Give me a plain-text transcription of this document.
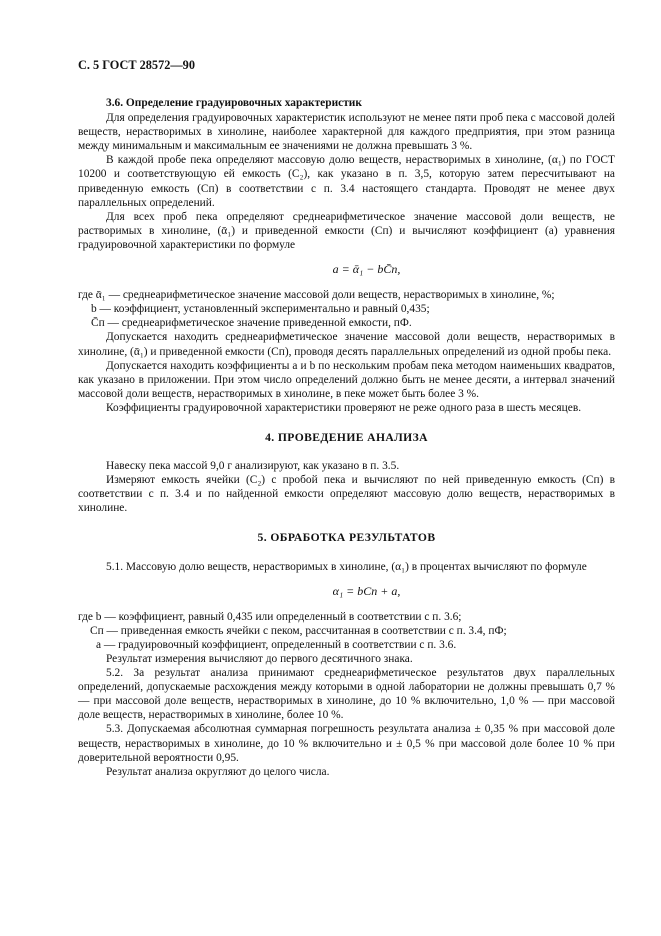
С. 5 ГОСТ 28572—90
3.6. Определение градуировочных характеристик

Для определения градуировочных характеристик используют не менее пяти проб пека с массовой долей веществ, нерастворимых в хинолине, наиболее характерной для каждого предприятия, при этом разница между минимальным и максимальным ее значениями не должна превышать 3 %.

В каждой пробе пека определяют массовую долю веществ, нерастворимых в хинолине, (α₁) по ГОСТ 10200 и соответствующую ей емкость (C₂), как указано в п. 3,5, которую затем пересчитывают на приведенную емкость (Cп) в соответствии с п. 3.4 настоящего стандарта. Проводят не менее двух параллельных определений.

Для всех проб пека определяют среднеарифметическое значение массовой доли веществ, не растворимых в хинолине, (ᾱ₁) и приведенной емкости (Cп) и вычисляют коэффициент (a) уравнения градуировочной характеристики по формуле

a = ᾱ₁ − bC̄п,

где ᾱ₁ — среднеарифметическое значение массовой доли веществ, нерастворимых в хинолине, %;

b — коэффициент, установленный экспериментально и равный 0,435;

C̄п — среднеарифметическое значение приведенной емкости, пФ.

Допускается находить среднеарифметическое значение массовой доли веществ, нерастворимых в хинолине, (ᾱ₁) и приведенной емкости (Cп), проводя десять параллельных определений из одной пробы пека.

Допускается находить коэффициенты a и b по нескольким пробам пека методом наименьших квадратов, как указано в приложении. При этом число определений должно быть не менее десяти, а интервал значений массовой доли веществ, нерастворимых в хинолине, в пеке может быть более 3 %.

Коэффициенты градуировочной характеристики проверяют не реже одного раза в шесть месяцев.

4. ПРОВЕДЕНИЕ АНАЛИЗА

Навеску пека массой 9,0 г анализируют, как указано в п. 3.5.

Измеряют емкость ячейки (C₂) с пробой пека и вычисляют по ней приведенную емкость (Cп) в соответствии с п. 3.4 и по найденной емкости определяют массовую долю веществ, нерастворимых в хинолине.

5. ОБРАБОТКА РЕЗУЛЬТАТОВ

5.1. Массовую долю веществ, нерастворимых в хинолине, (α₁) в процентах вычисляют по формуле

α₁ = bCп + a,

где b — коэффициент, равный 0,435 или определенный в соответствии с п. 3.6;

Cп — приведенная емкость ячейки с пеком, рассчитанная в соответствии с п. 3.4, пФ;

a — градуировочный коэффициент, определенный в соответствии с п. 3.6.

Результат измерения вычисляют до первого десятичного знака.

5.2. За результат анализа принимают среднеарифметическое результатов двух параллельных определений, допускаемые расхождения между которыми в одной лаборатории не должны превышать 0,7 % — при массовой доле веществ, нерастворимых в хинолине, до 10 % включительно, 1,0 % — при массовой доле веществ, нерастворимых в хинолине, более 10 %.

5.3. Допускаемая абсолютная суммарная погрешность результата анализа ± 0,35 % при массовой доле веществ, нерастворимых в хинолине, до 10 % включительно и ± 0,5 % при массовой доле более 10 % при доверительной вероятности 0,95.

Результат анализа округляют до целого числа.
